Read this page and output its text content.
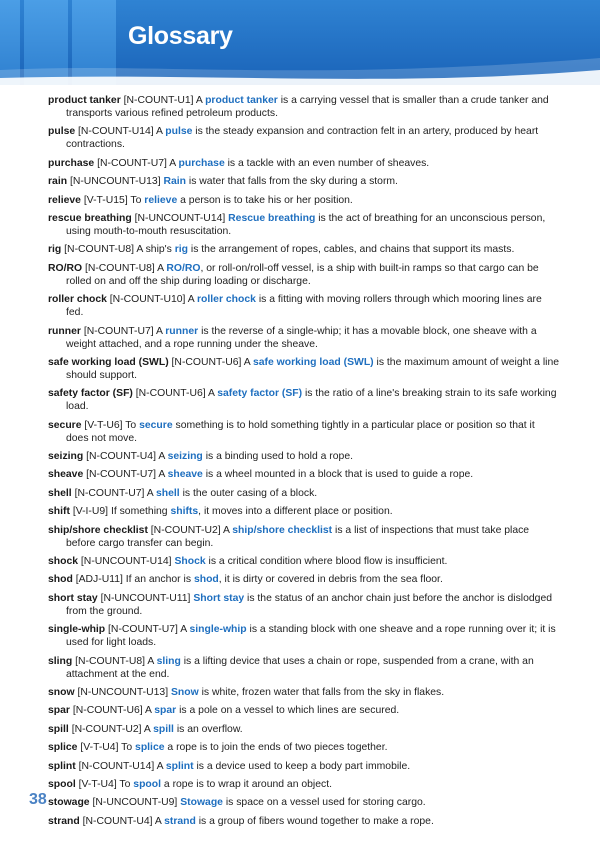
Glossary
product tanker [N-COUNT-U1] A product tanker is a carrying vessel that is smaller than a crude tanker and transports various refined petroleum products.
pulse [N-COUNT-U14] A pulse is the steady expansion and contraction felt in an artery, produced by heart contractions.
purchase [N-COUNT-U7] A purchase is a tackle with an even number of sheaves.
rain [N-UNCOUNT-U13] Rain is water that falls from the sky during a storm.
relieve [V-T-U15] To relieve a person is to take his or her position.
rescue breathing [N-UNCOUNT-U14] Rescue breathing is the act of breathing for an unconscious person, using mouth-to-mouth resuscitation.
rig [N-COUNT-U8] A ship's rig is the arrangement of ropes, cables, and chains that support its masts.
RO/RO [N-COUNT-U8] A RO/RO, or roll-on/roll-off vessel, is a ship with built-in ramps so that cargo can be rolled on and off the ship during loading or discharge.
roller chock [N-COUNT-U10] A roller chock is a fitting with moving rollers through which mooring lines are fed.
runner [N-COUNT-U7] A runner is the reverse of a single-whip; it has a movable block, one sheave with a weight attached, and a rope running under the sheave.
safe working load (SWL) [N-COUNT-U6] A safe working load (SWL) is the maximum amount of weight a line should support.
safety factor (SF) [N-COUNT-U6] A safety factor (SF) is the ratio of a line's breaking strain to its safe working load.
secure [V-T-U6] To secure something is to hold something tightly in a particular place or position so that it does not move.
seizing [N-COUNT-U4] A seizing is a binding used to hold a rope.
sheave [N-COUNT-U7] A sheave is a wheel mounted in a block that is used to guide a rope.
shell [N-COUNT-U7] A shell is the outer casing of a block.
shift [V-I-U9] If something shifts, it moves into a different place or position.
ship/shore checklist [N-COUNT-U2] A ship/shore checklist is a list of inspections that must take place before cargo transfer can begin.
shock [N-UNCOUNT-U14] Shock is a critical condition where blood flow is insufficient.
shod [ADJ-U11] If an anchor is shod, it is dirty or covered in debris from the sea floor.
short stay [N-UNCOUNT-U11] Short stay is the status of an anchor chain just before the anchor is dislodged from the ground.
single-whip [N-COUNT-U7] A single-whip is a standing block with one sheave and a rope running over it; it is used for light loads.
sling [N-COUNT-U8] A sling is a lifting device that uses a chain or rope, suspended from a crane, with an attachment at the end.
snow [N-UNCOUNT-U13] Snow is white, frozen water that falls from the sky in flakes.
spar [N-COUNT-U6] A spar is a pole on a vessel to which lines are secured.
spill [N-COUNT-U2] A spill is an overflow.
splice [V-T-U4] To splice a rope is to join the ends of two pieces together.
splint [N-COUNT-U14] A splint is a device used to keep a body part immobile.
spool [V-T-U4] To spool a rope is to wrap it around an object.
stowage [N-UNCOUNT-U9] Stowage is space on a vessel used for storing cargo.
strand [N-COUNT-U4] A strand is a group of fibers wound together to make a rope.
38
